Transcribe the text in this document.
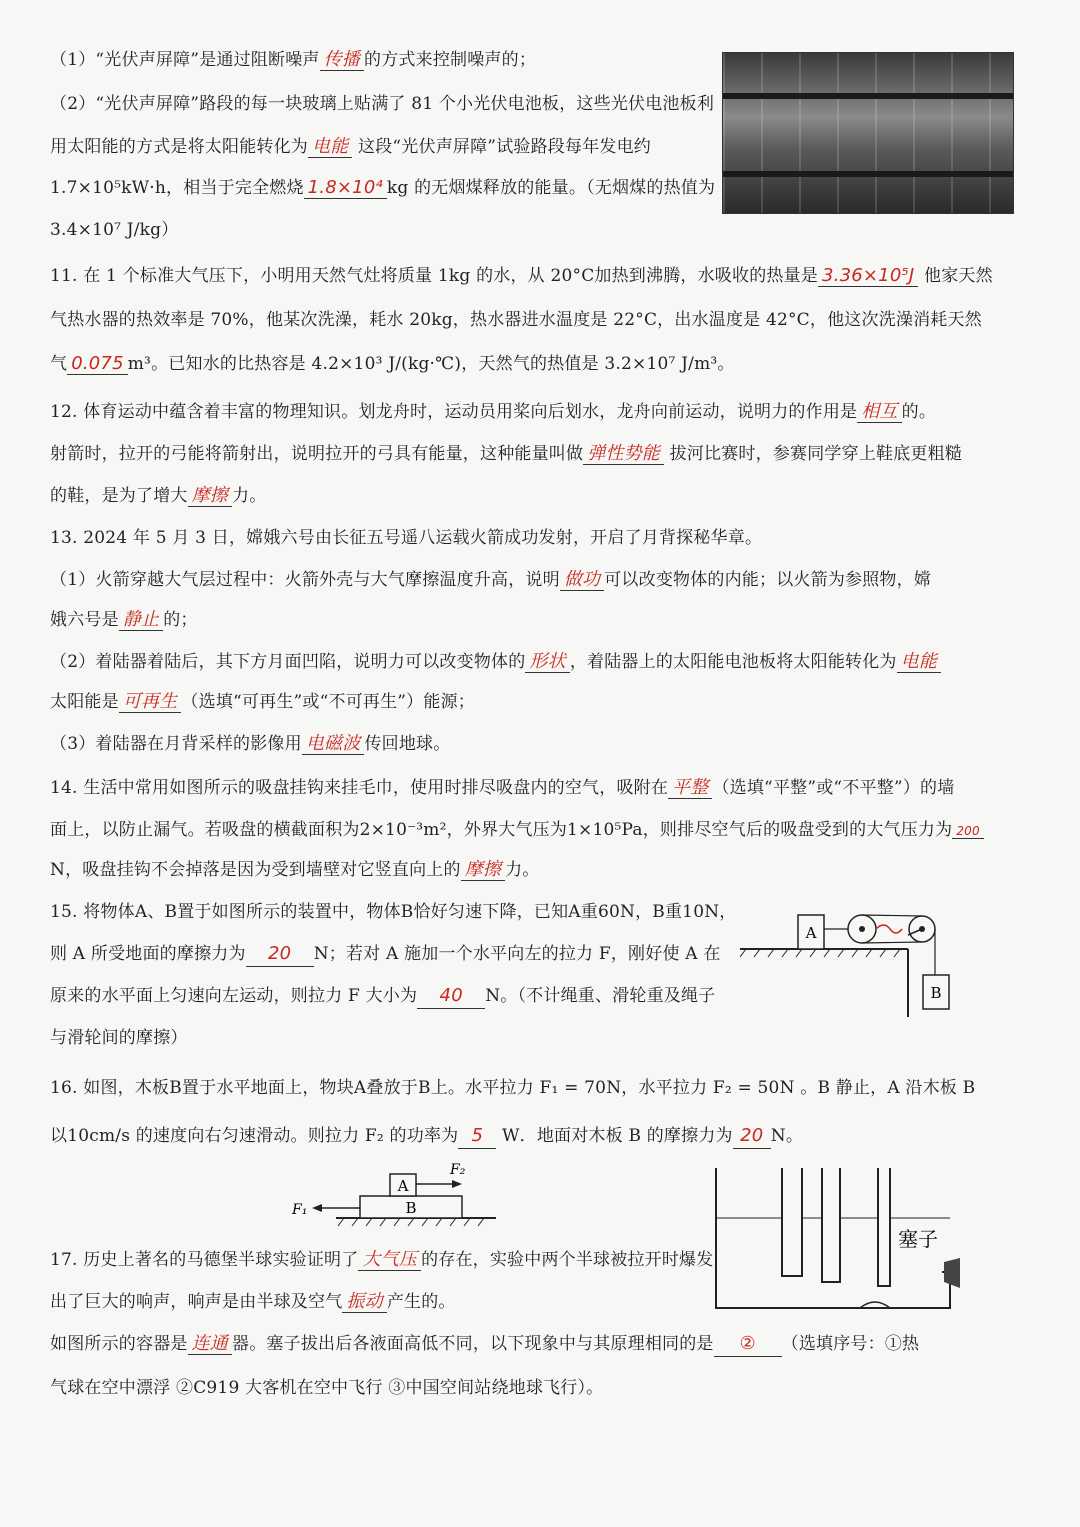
（1）“光伏声屏障”是通过阻断噪声 传播 的方式来控制噪声的；
（2）“光伏声屏障”路段的每一块玻璃上贴满了 81 个小光伏电池板，这些光伏电池板利
用太阳能的方式是将太阳能转化为 电能 这段“光伏声屏障”试验路段每年发电约
1.7×10⁵kW·h，相当于完全燃烧 1.8×10⁴ kg 的无烟煤释放的能量。（无烟煤的热值为
3.4×10⁷ J/kg）
11. 在 1 个标准大气压下，小明用天然气灶将质量 1kg 的水，从 20°C加热到沸腾，水吸收的热量是 3.36×10⁵J 他家天然
气热水器的热效率是 70%，他某次洗澡，耗水 20kg，热水器进水温度是 22°C，出水温度是 42°C，他这次洗澡消耗天然
气 0.075 m³。已知水的比热容是 4.2×10³ J/(kg·℃)，天然气的热值是 3.2×10⁷ J/m³。
12. 体育运动中蕴含着丰富的物理知识。划龙舟时，运动员用桨向后划水，龙舟向前运动，说明力的作用是 相互 的。
射箭时，拉开的弓能将箭射出，说明拉开的弓具有能量，这种能量叫做 弹性势能 拔河比赛时，参赛同学穿上鞋底更粗糙
的鞋，是为了增大 摩擦 力。
13. 2024 年 5 月 3 日，嫦娥六号由长征五号遥八运载火箭成功发射，开启了月背探秘华章。
（1）火箭穿越大气层过程中：火箭外壳与大气摩擦温度升高，说明 做功 可以改变物体的内能；以火箭为参照物，嫦
娥六号是 静止 的；
（2）着陆器着陆后，其下方月面凹陷，说明力可以改变物体的 形状 ，着陆器上的太阳能电池板将太阳能转化为 电能
太阳能是 可再生 （选填“可再生”或“不可再生”）能源；
（3）着陆器在月背采样的影像用 电磁波 传回地球。
14. 生活中常用如图所示的吸盘挂钩来挂毛巾，使用时排尽吸盘内的空气，吸附在 平整 （选填“平整”或“不平整”）的墙
面上，以防止漏气。若吸盘的横截面积为2×10⁻³m²，外界大气压为1×10⁵Pa，则排尽空气后的吸盘受到的大气压力为 200
N，吸盘挂钩不会掉落是因为受到墙壁对它竖直向上的 摩擦 力。
15. 将物体A、B置于如图所示的装置中，物体B恰好匀速下降，已知A重60N，B重10N，
则 A 所受地面的摩擦力为 20 N；若对 A 施加一个水平向左的拉力 F，刚好使 A 在
原来的水平面上匀速向左运动，则拉力 F 大小为 40 N。（不计绳重、滑轮重及绳子
与滑轮间的摩擦）
A
B
16. 如图，木板B置于水平地面上，物块A叠放于B上。水平拉力 F₁ = 70N，水平拉力 F₂ = 50N 。B 静止，A 沿木板 B
以10cm/s 的速度向右匀速滑动。则拉力 F₂ 的功率为 5 W．地面对木板 B 的摩擦力为 20 N。
B
A
F₁
F₂
17. 历史上著名的马德堡半球实验证明了 大气压 的存在，实验中两个半球被拉开时爆发
出了巨大的响声，响声是由半球及空气 振动 产生的。
如图所示的容器是 连通 器。塞子拔出后各液面高低不同，以下现象中与其原理相同的是 ② （选填序号：①热
气球在空中漂浮 ②C919 大客机在空中飞行 ③中国空间站绕地球飞行）。
塞子
